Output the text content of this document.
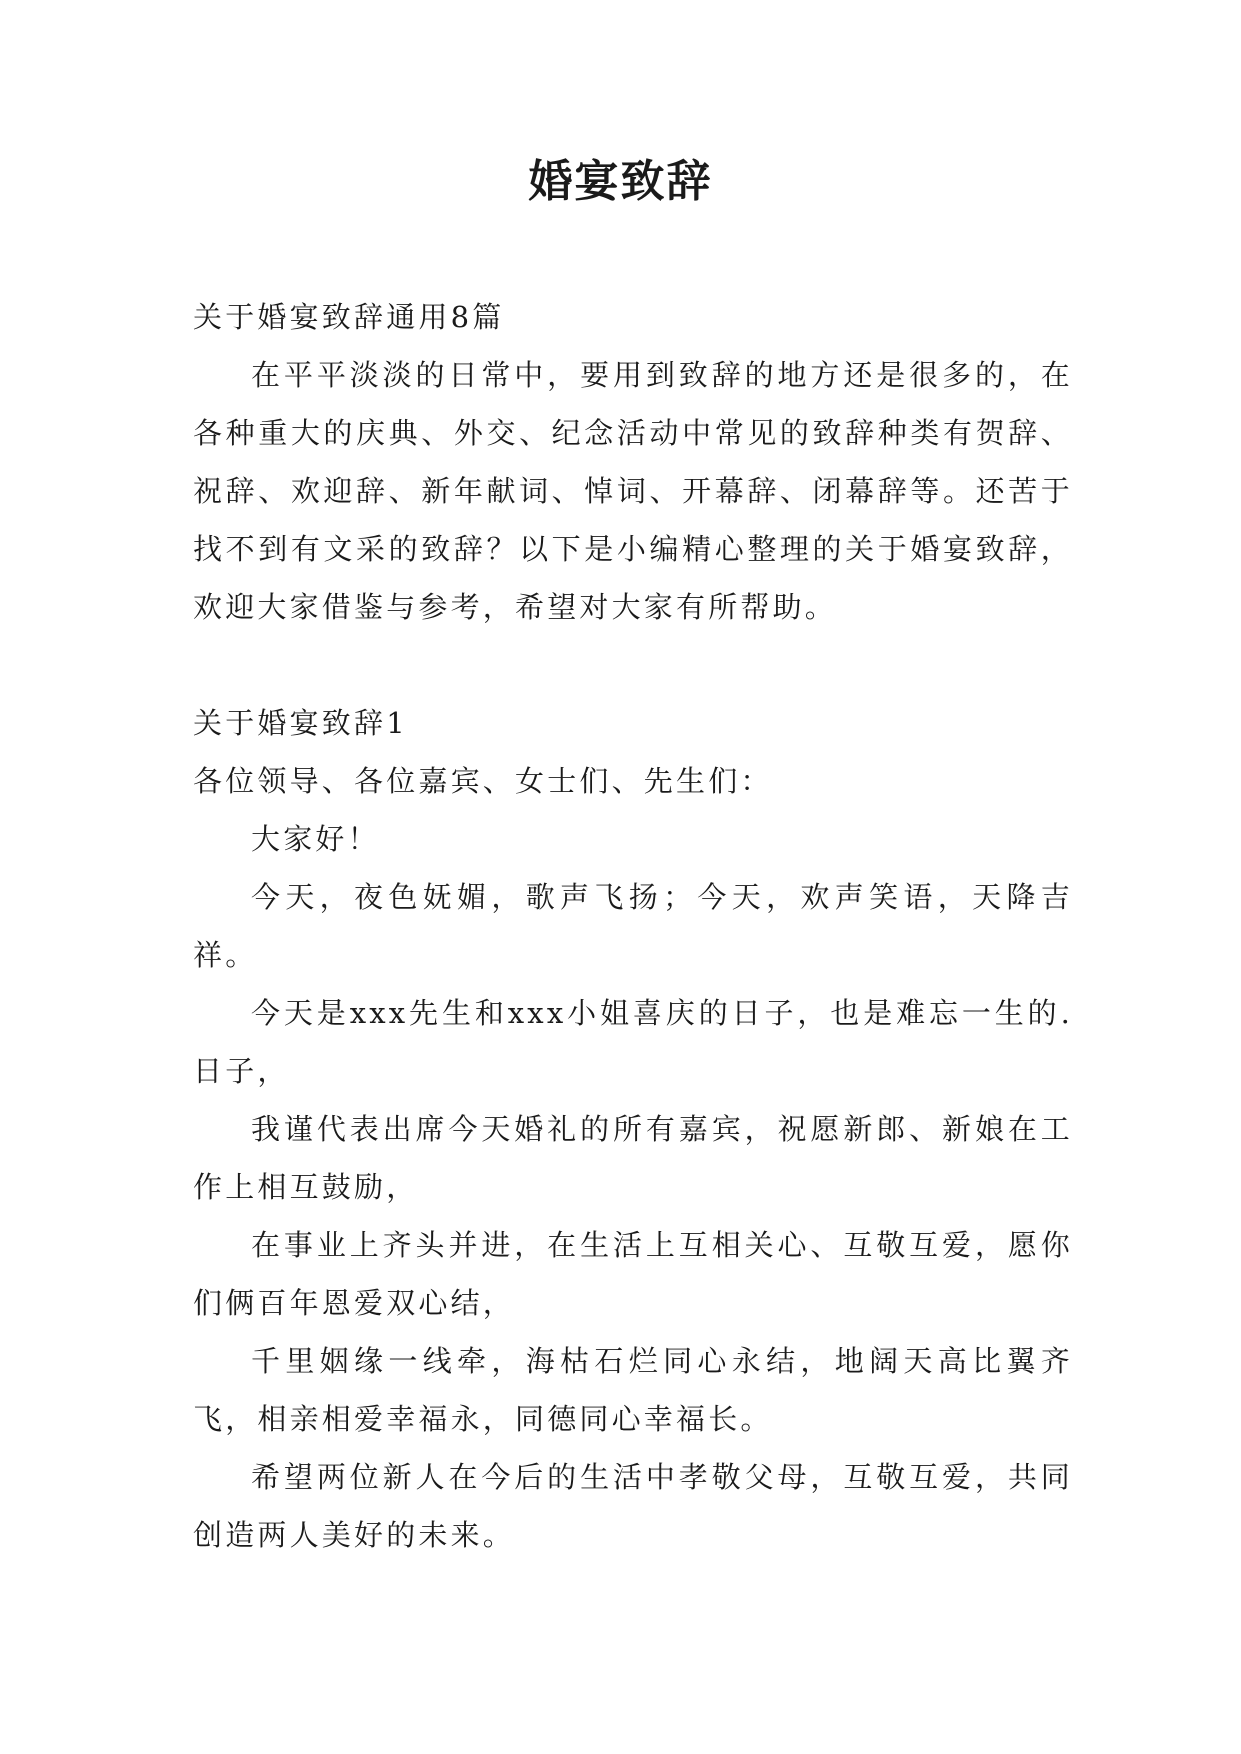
婚宴致辞

关于婚宴致辞通用8篇

在平平淡淡的日常中，要用到致辞的地方还是很多的，在各种重大的庆典、外交、纪念活动中常见的致辞种类有贺辞、祝辞、欢迎辞、新年献词、悼词、开幕辞、闭幕辞等。还苦于找不到有文采的致辞？以下是小编精心整理的关于婚宴致辞，欢迎大家借鉴与参考，希望对大家有所帮助。

关于婚宴致辞1

各位领导、各位嘉宾、女士们、先生们：

大家好！

今天，夜色妩媚，歌声飞扬；今天，欢声笑语，天降吉祥。

今天是xxx先生和xxx小姐喜庆的日子，也是难忘一生的.日子，

我谨代表出席今天婚礼的所有嘉宾，祝愿新郎、新娘在工作上相互鼓励，

在事业上齐头并进，在生活上互相关心、互敬互爱，愿你们俩百年恩爱双心结，

千里姻缘一线牵，海枯石烂同心永结，地阔天高比翼齐飞，相亲相爱幸福永，同德同心幸福长。

希望两位新人在今后的生活中孝敬父母，互敬互爱，共同创造两人美好的未来。
